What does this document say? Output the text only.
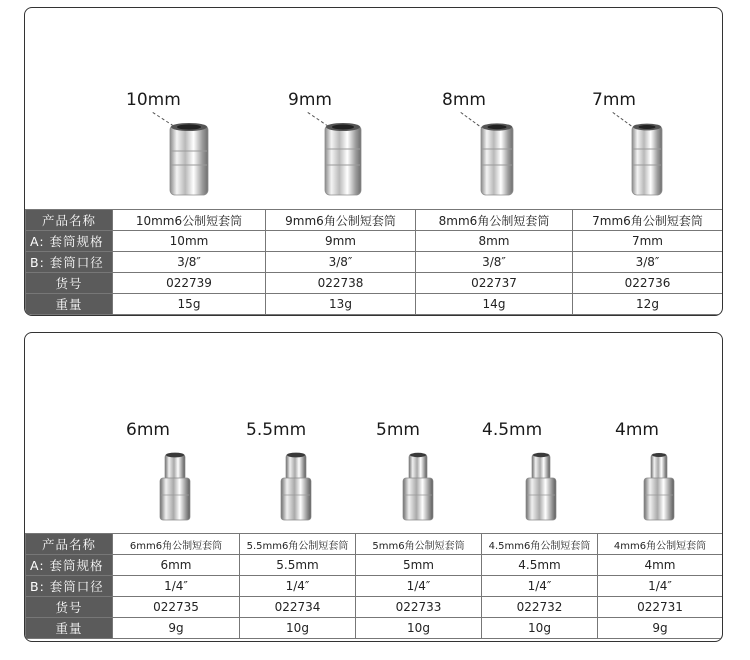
10mm	9mm	8mm	7mm
产品名称	10mm6公制短套筒	9mm6角公制短套筒	8mm6角公制短套筒	7mm6角公制短套筒
A: 套筒规格	10mm	9mm	8mm	7mm
B: 套筒口径	3/8″	3/8″	3/8″	3/8″
货号	022739	022738	022737	022736
重量	15g	13g	14g	12g
6mm	5.5mm	5mm	4.5mm	4mm
产品名称	6mm6角公制短套筒	5.5mm6角公制短套筒	5mm6角公制短套筒	4.5mm6角公制短套筒	4mm6角公制短套筒
A: 套筒规格	6mm	5.5mm	5mm	4.5mm	4mm
B: 套筒口径	1/4″	1/4″	1/4″	1/4″	1/4″
货号	022735	022734	022733	022732	022731
重量	9g	10g	10g	10g	9g
